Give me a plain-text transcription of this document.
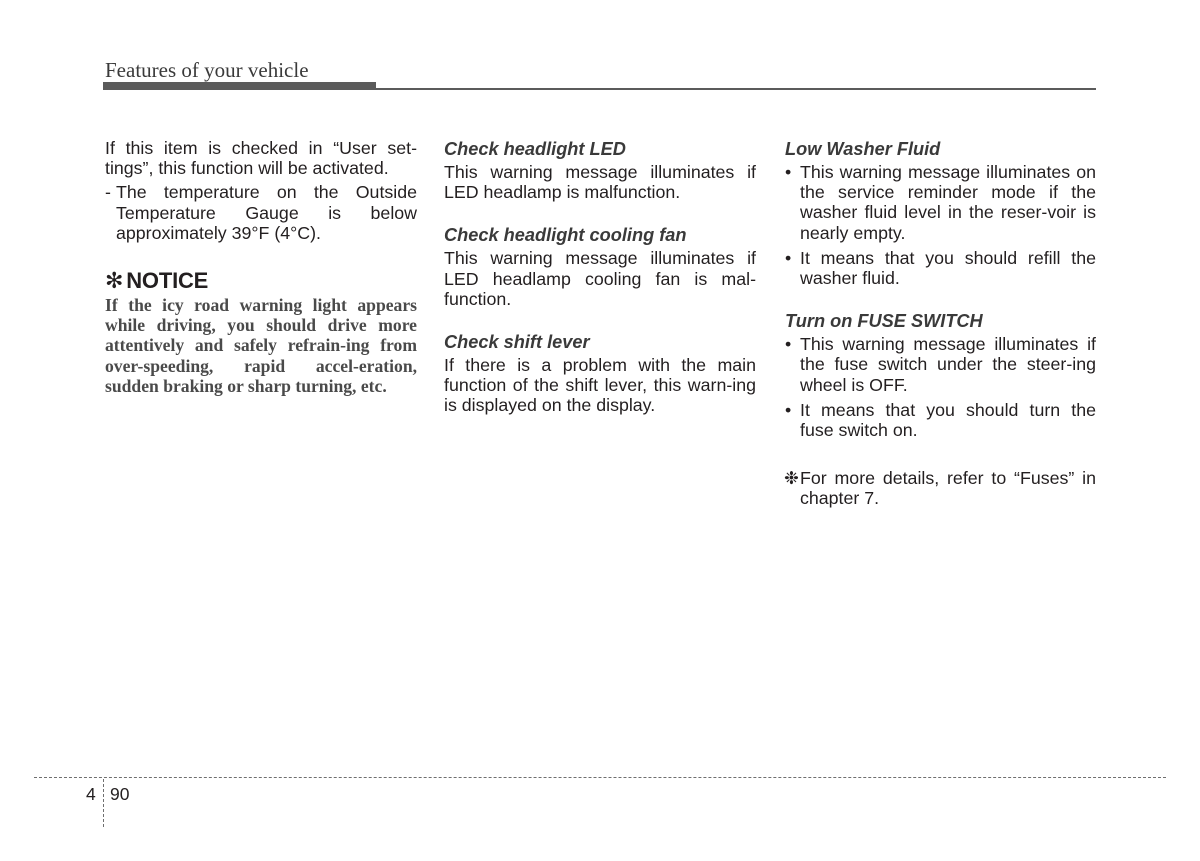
Features of your vehicle

If this item is checked in “User set-
tings”, this function will be activated.

- The temperature on the Outside
Temperature Gauge is below
approximately 39°F (4°C).
✻ NOTICE
If the icy road warning light appears while driving, you should drive more attentively and safely refrain-ing from over-speeding, rapid accel-eration, sudden braking or sharp turning, etc.
Check headlight LED

This warning message illuminates if LED headlamp is malfunction.

Check headlight cooling fan

This warning message illuminates if LED headlamp cooling fan is mal-function.

Check shift lever

If there is a problem with the main function of the shift lever, this warn-ing is displayed on the display.

Low Washer Fluid
• This warning message illuminates on the service reminder mode if the washer fluid level in the reser-voir is nearly empty.
• It means that you should refill the washer fluid.
Turn on FUSE SWITCH
• This warning message illuminates if the fuse switch under the steer-ing wheel is OFF.
• It means that you should turn the fuse switch on.
❉ For more details, refer to “Fuses” in chapter 7.
4 90
